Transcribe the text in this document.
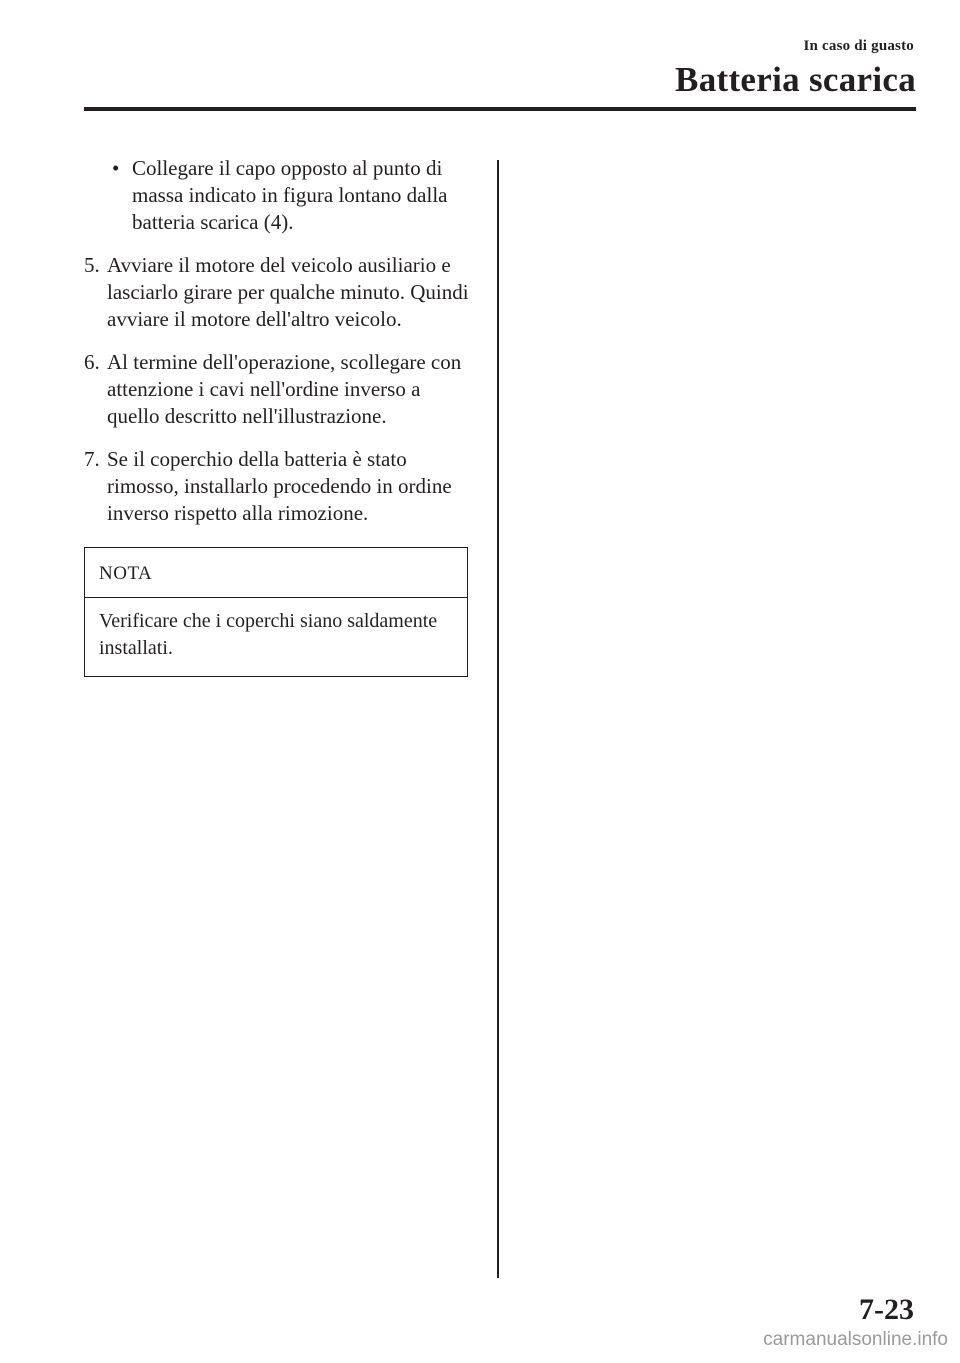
In caso di guasto
Batteria scarica
• Collegare il capo opposto al punto di massa indicato in figura lontano dalla batteria scarica (4).
5. Avviare il motore del veicolo ausiliario e lasciarlo girare per qualche minuto. Quindi avviare il motore dell'altro veicolo.
6. Al termine dell'operazione, scollegare con attenzione i cavi nell'ordine inverso a quello descritto nell'illustrazione.
7. Se il coperchio della batteria è stato rimosso, installarlo procedendo in ordine inverso rispetto alla rimozione.
NOTA
Verificare che i coperchi siano saldamente installati.
7-23
carmanualsonline.info
